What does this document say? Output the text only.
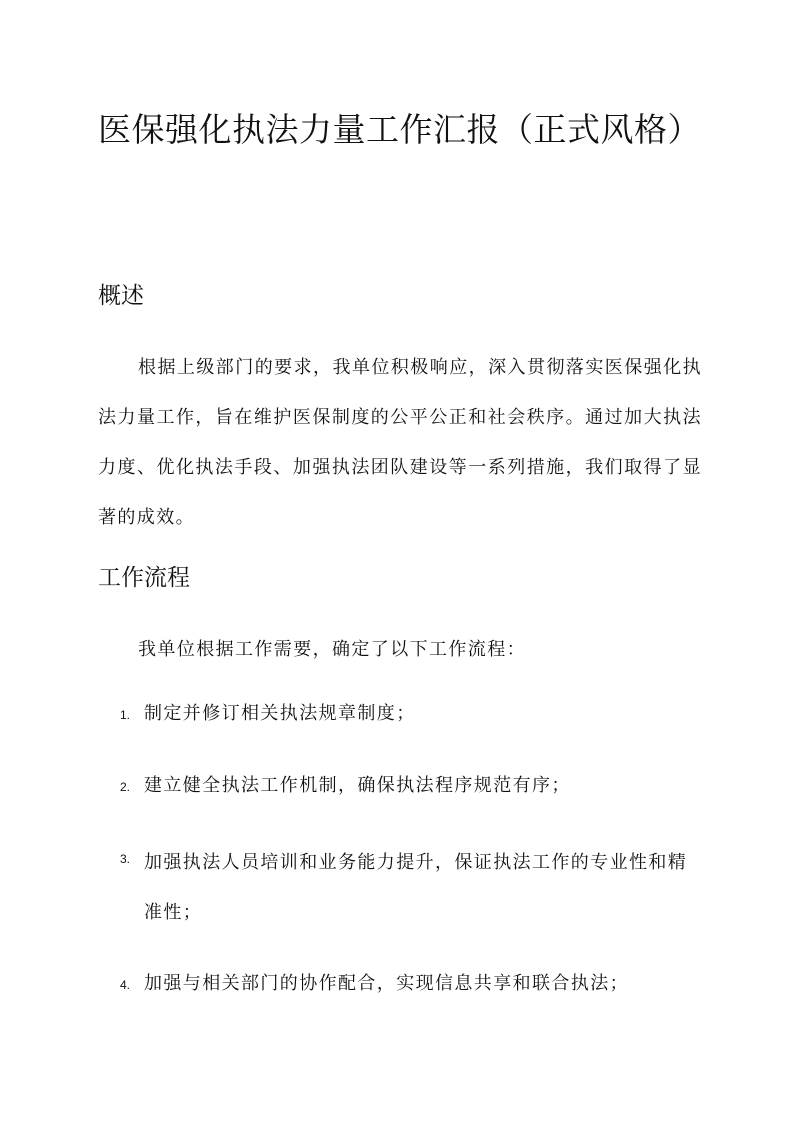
医保强化执法力量工作汇报（正式风格）
概述

根据上级部门的要求，我单位积极响应，深入贯彻落实医保强化执法力量工作，旨在维护医保制度的公平公正和社会秩序。通过加大执法力度、优化执法手段、加强执法团队建设等一系列措施，我们取得了显著的成效。

工作流程

我单位根据工作需要，确定了以下工作流程：

1. 制定并修订相关执法规章制度；
2. 建立健全执法工作机制，确保执法程序规范有序；
3. 加强执法人员培训和业务能力提升，保证执法工作的专业性和精准性；
4. 加强与相关部门的协作配合，实现信息共享和联合执法；
